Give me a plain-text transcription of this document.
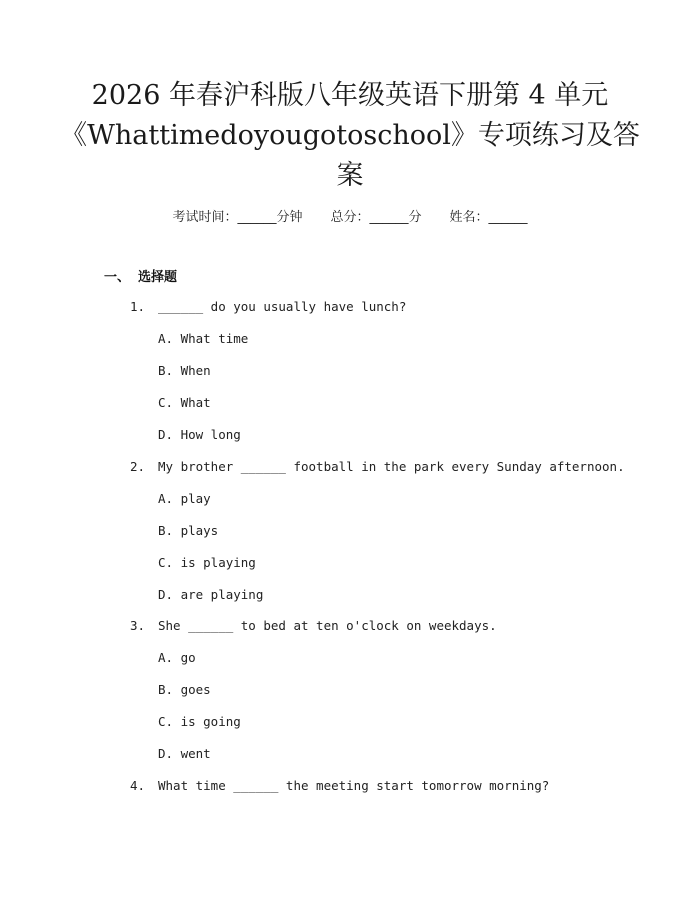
2026 年春沪科版八年级英语下册第 4 单元
《Whattimedoyougotoschool》专项练习及答
案
考试时间：______分钟 总分：______分 姓名：______
一、 选择题
1.	______ do you usually have lunch?
A. What time
B. When
C. What
D. How long
2.	My brother ______ football in the park every Sunday afternoon.
A. play
B. plays
C. is playing
D. are playing
3.	She ______ to bed at ten o'clock on weekdays.
A. go
B. goes
C. is going
D. went
4.	What time ______ the meeting start tomorrow morning?
